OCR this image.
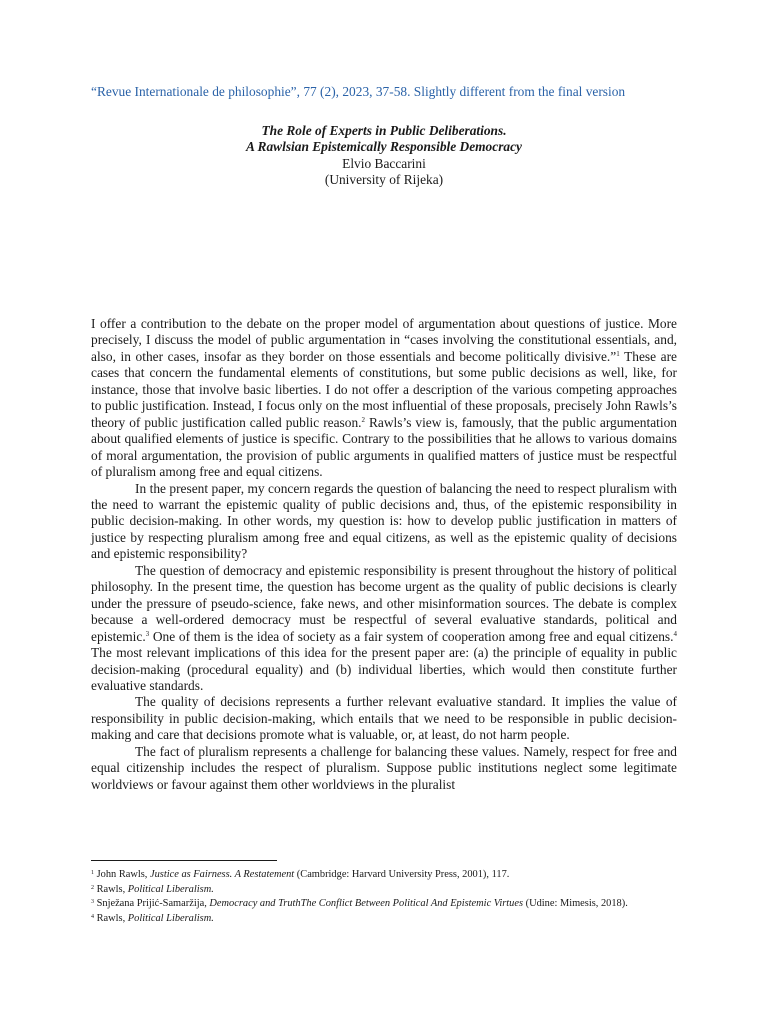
“Revue Internationale de philosophie”, 77 (2), 2023, 37-58. Slightly different from the final version

The Role of Experts in Public Deliberations.
A Rawlsian Epistemically Responsible Democracy
Elvio Baccarini
(University of Rijeka)

I offer a contribution to the debate on the proper model of argumentation about questions of justice. More precisely, I discuss the model of public argumentation in “cases involving the constitutional essentials, and, also, in other cases, insofar as they border on those essentials and become politically divisive.”$^1$ These are cases that concern the fundamental elements of constitutions, but some public decisions as well, like, for instance, those that involve basic liberties. I do not offer a description of the various competing approaches to public justification. Instead, I focus only on the most influential of these proposals, precisely John Rawls’s theory of public justification called public reason.$^2$ Rawls’s view is, famously, that the public argumentation about qualified elements of justice is specific. Contrary to the possibilities that he allows to various domains of moral argumentation, the provision of public arguments in qualified matters of justice must be respectful of pluralism among free and equal citizens.

In the present paper, my concern regards the question of balancing the need to respect pluralism with the need to warrant the epistemic quality of public decisions and, thus, of the epistemic responsibility in public decision-making. In other words, my question is: how to develop public justification in matters of justice by respecting pluralism among free and equal citizens, as well as the epistemic quality of decisions and epistemic responsibility?

The question of democracy and epistemic responsibility is present throughout the history of political philosophy. In the present time, the question has become urgent as the quality of public decisions is clearly under the pressure of pseudo-science, fake news, and other misinformation sources. The debate is complex because a well-ordered democracy must be respectful of several evaluative standards, political and epistemic.$^3$ One of them is the idea of society as a fair system of cooperation among free and equal citizens.$^4$ The most relevant implications of this idea for the present paper are: (a) the principle of equality in public decision-making (procedural equality) and (b) individual liberties, which would then constitute further evaluative standards.

The quality of decisions represents a further relevant evaluative standard. It implies the value of responsibility in public decision-making, which entails that we need to be responsible in public decision-making and care that decisions promote what is valuable, or, at least, do not harm people.

The fact of pluralism represents a challenge for balancing these values. Namely, respect for free and equal citizenship includes the respect of pluralism. Suppose public institutions neglect some legitimate worldviews or favour against them other worldviews in the pluralist

$^1$ John Rawls, Justice as Fairness. A Restatement (Cambridge: Harvard University Press, 2001), 117.

$^2$ Rawls, Political Liberalism.

$^3$ Snježana Prijić-Samaržija, Democracy and TruthThe Conflict Between Political And Epistemic Virtues (Udine: Mimesis, 2018).

$^4$ Rawls, Political Liberalism.
